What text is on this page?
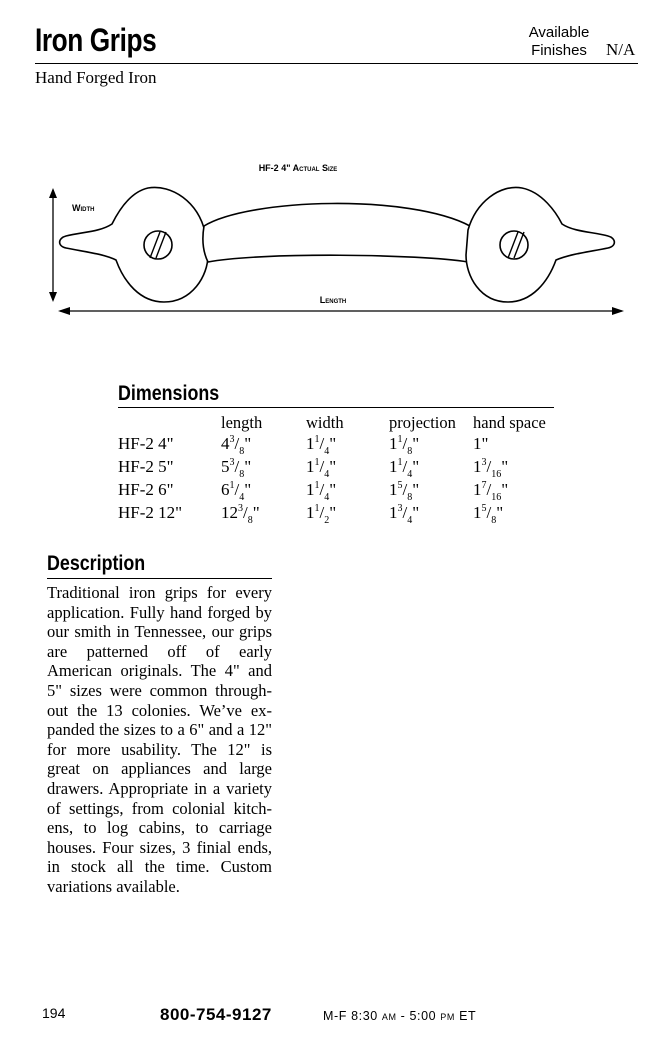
Iron Grips	Available Finishes	N/A
Hand Forged Iron
HF-2 4" Actual Size
Width
Length
Dimensions
	length	width	projection	hand space
HF-2 4"	$4^3/_8$"	$1^1/_4$"	$1^1/_8$"	1"
HF-2 5"	$5^3/_8$"	$1^1/_4$"	$1^1/_4$"	$1^3/_{16}$"
HF-2 6"	$6^1/_4$"	$1^1/_4$"	$1^5/_8$"	$1^7/_{16}$"
HF-2 12"	$12^3/_8$"	$1^1/_2$"	$1^3/_4$"	$1^5/_8$"
Description
Traditional iron grips for every application. Fully hand forged by our smith in Tennessee, our grips are patterned off of early American originals. The 4" and 5" sizes were common through- out the 13 colonies. We’ve ex- panded the sizes to a 6" and a 12" for more usability. The 12" is great on appliances and large drawers. Appropriate in a variety of settings, from colonial kitch- ens, to log cabins, to carriage houses. Four sizes, 3 finial ends, in stock all the time. Custom variations available.
194	800-754-9127	M-F 8:30 am - 5:00 pm ET
